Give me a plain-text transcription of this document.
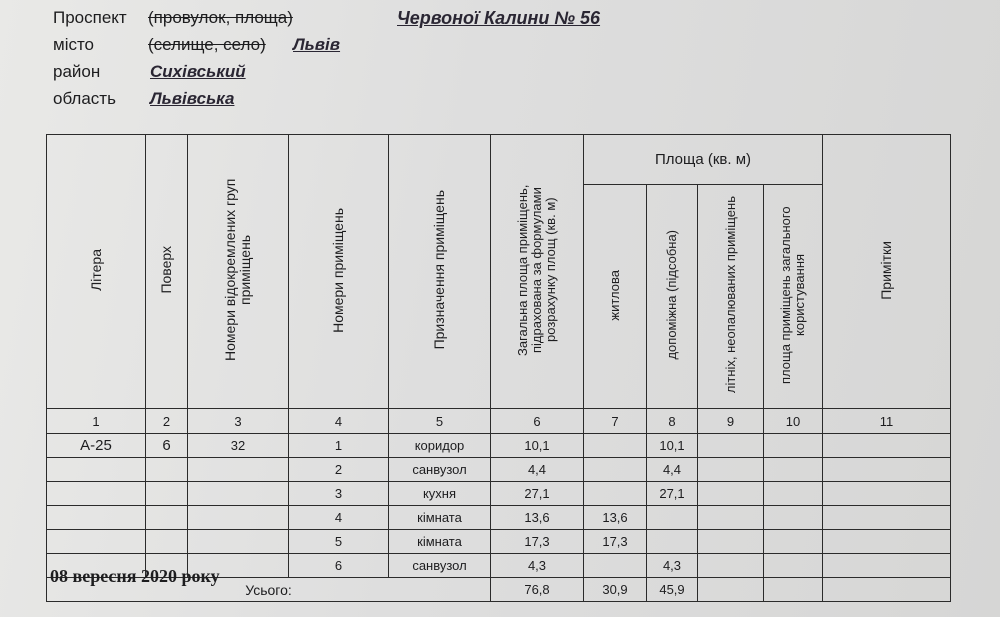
Проспект (провулок, площа)	Червоної Калини № 56
місто	(селище, село) Львів
район	Сихівський
область Львівська
Літера	Поверх	Номери відокремлених груп приміщень	Номери приміщень	Призначення приміщень	Загальна площа приміщень, підрахована за формулами розрахунку площ (кв. м)	Площа (кв. м)				Примітки
						житлова	допоміжна (підсобна)	літніх, неопалюваних приміщень	площа приміщень загального користування	
1	2	3	4	5	6	7	8	9	10	11
А-25	6	32	1	коридор	10,1		10,1			
			2	санвузол	4,4		4,4			
			3	кухня	27,1		27,1			
			4	кімната	13,6	13,6				
			5	кімната	17,3	17,3				
			6	санвузол	4,3		4,3			
Усього:					76,8	30,9	45,9			
08 вересня 2020 року
